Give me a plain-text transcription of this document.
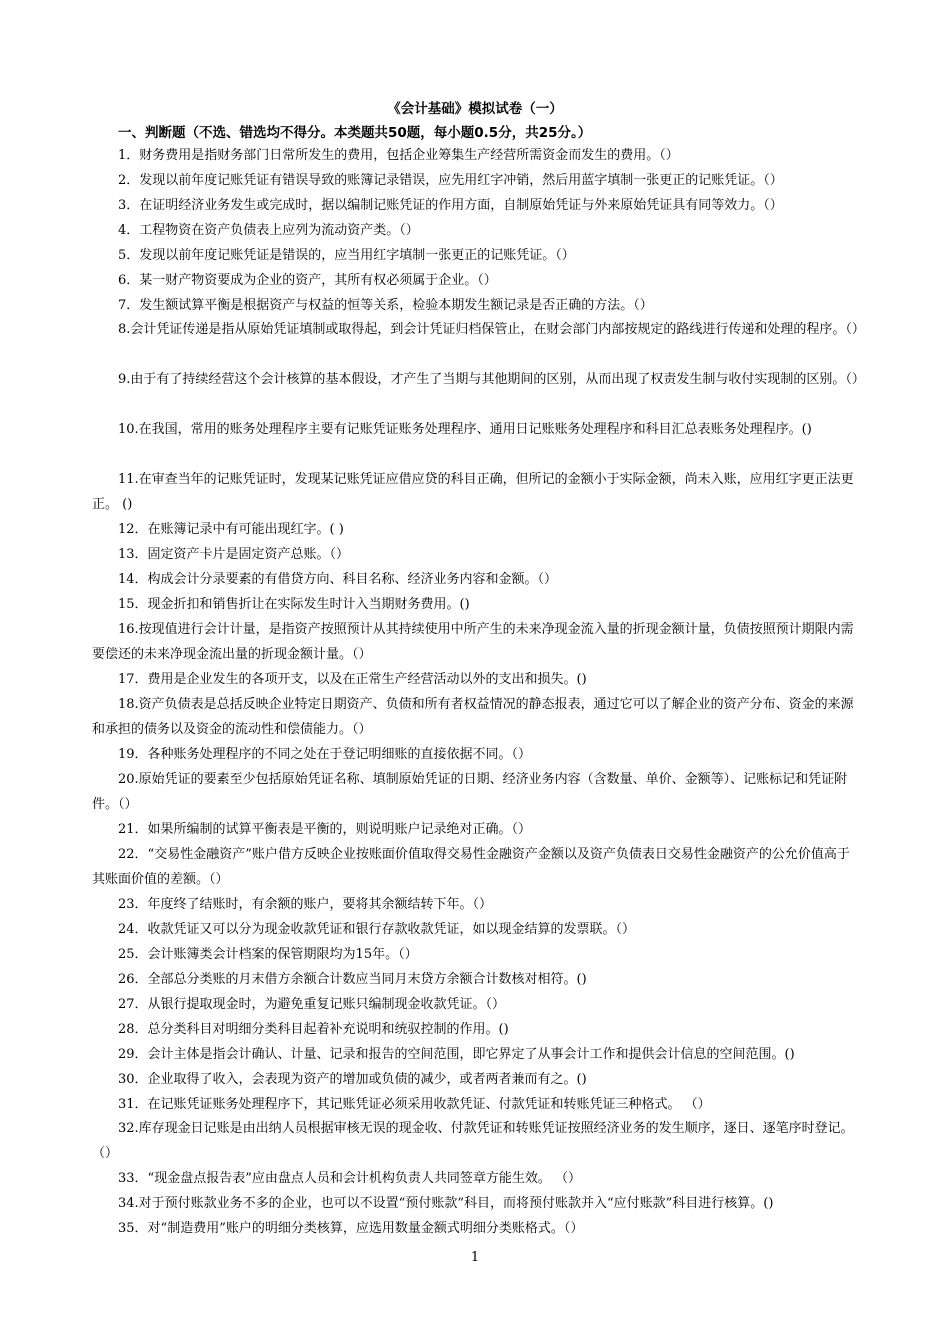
《会计基础》模拟试卷（一）
一、判断题（不选、错选均不得分。本类题共50题，每小题0.5分，共25分。）
1．财务费用是指财务部门日常所发生的费用，包括企业筹集生产经营所需资金而发生的费用。（）
2．发现以前年度记账凭证有错误导致的账簿记录错误，应先用红字冲销，然后用蓝字填制一张更正的记账凭证。（）
3．在证明经济业务发生或完成时，据以编制记账凭证的作用方面，自制原始凭证与外来原始凭证具有同等效力。（）
4．工程物资在资产负债表上应列为流动资产类。（）
5．发现以前年度记账凭证是错误的，应当用红字填制一张更正的记账凭证。（）
6．某一财产物资要成为企业的资产，其所有权必须属于企业。（）
7．发生额试算平衡是根据资产与权益的恒等关系，检验本期发生额记录是否正确的方法。（）
8.会计凭证传递是指从原始凭证填制或取得起，到会计凭证归档保管止，在财会部门内部按规定的路线进行传递和处理的程序。（）
9.由于有了持续经营这个会计核算的基本假设，才产生了当期与其他期间的区别，从而出现了权责发生制与收付实现制的区别。（）
10.在我国，常用的账务处理程序主要有记账凭证账务处理程序、通用日记账账务处理程序和科目汇总表账务处理程序。()
11.在审查当年的记账凭证时，发现某记账凭证应借应贷的科目正确，但所记的金额小于实际金额，尚未入账，应用红字更正法更正。 ()
12．在账簿记录中有可能出现红字。( )
13．固定资产卡片是固定资产总账。（）
14．构成会计分录要素的有借贷方向、科目名称、经济业务内容和金额。（）
15．现金折扣和销售折让在实际发生时计入当期财务费用。()
16.按现值进行会计计量，是指资产按照预计从其持续使用中所产生的未来净现金流入量的折现金额计量，负债按照预计期限内需要偿还的未来净现金流出量的折现金额计量。（）
17．费用是企业发生的各项开支，以及在正常生产经营活动以外的支出和损失。()
18.资产负债表是总括反映企业特定日期资产、负债和所有者权益情况的静态报表，通过它可以了解企业的资产分布、资金的来源和承担的债务以及资金的流动性和偿债能力。（）
19．各种账务处理程序的不同之处在于登记明细账的直接依据不同。（）
20.原始凭证的要素至少包括原始凭证名称、填制原始凭证的日期、经济业务内容（含数量、单价、金额等）、记账标记和凭证附件。（）
21．如果所编制的试算平衡表是平衡的，则说明账户记录绝对正确。（）
22．“交易性金融资产”账户借方反映企业按账面价值取得交易性金融资产金额以及资产负债表日交易性金融资产的公允价值高于其账面价值的差额。（）
23．年度终了结账时，有余额的账户，要将其余额结转下年。（）
24．收款凭证又可以分为现金收款凭证和银行存款收款凭证，如以现金结算的发票联。（）
25．会计账簿类会计档案的保管期限均为15年。（）
26．全部总分类账的月末借方余额合计数应当同月末贷方余额合计数核对相符。()
27．从银行提取现金时，为避免重复记账只编制现金收款凭证。（）
28．总分类科目对明细分类科目起着补充说明和统驭控制的作用。()
29．会计主体是指会计确认、计量、记录和报告的空间范围，即它界定了从事会计工作和提供会计信息的空间范围。()
30．企业取得了收入，会表现为资产的增加或负债的减少，或者两者兼而有之。()
31．在记账凭证账务处理程序下，其记账凭证必须采用收款凭证、付款凭证和转账凭证三种格式。 （）
32.库存现金日记账是由出纳人员根据审核无误的现金收、付款凭证和转账凭证按照经济业务的发生顺序，逐日、逐笔序时登记。（）
33．“现金盘点报告表”应由盘点人员和会计机构负责人共同签章方能生效。 （）
34.对于预付账款业务不多的企业，也可以不设置“预付账款”科目，而将预付账款并入“应付账款”科目进行核算。()
35．对“制造费用”账户的明细分类核算，应选用数量金额式明细分类账格式。（）
1
